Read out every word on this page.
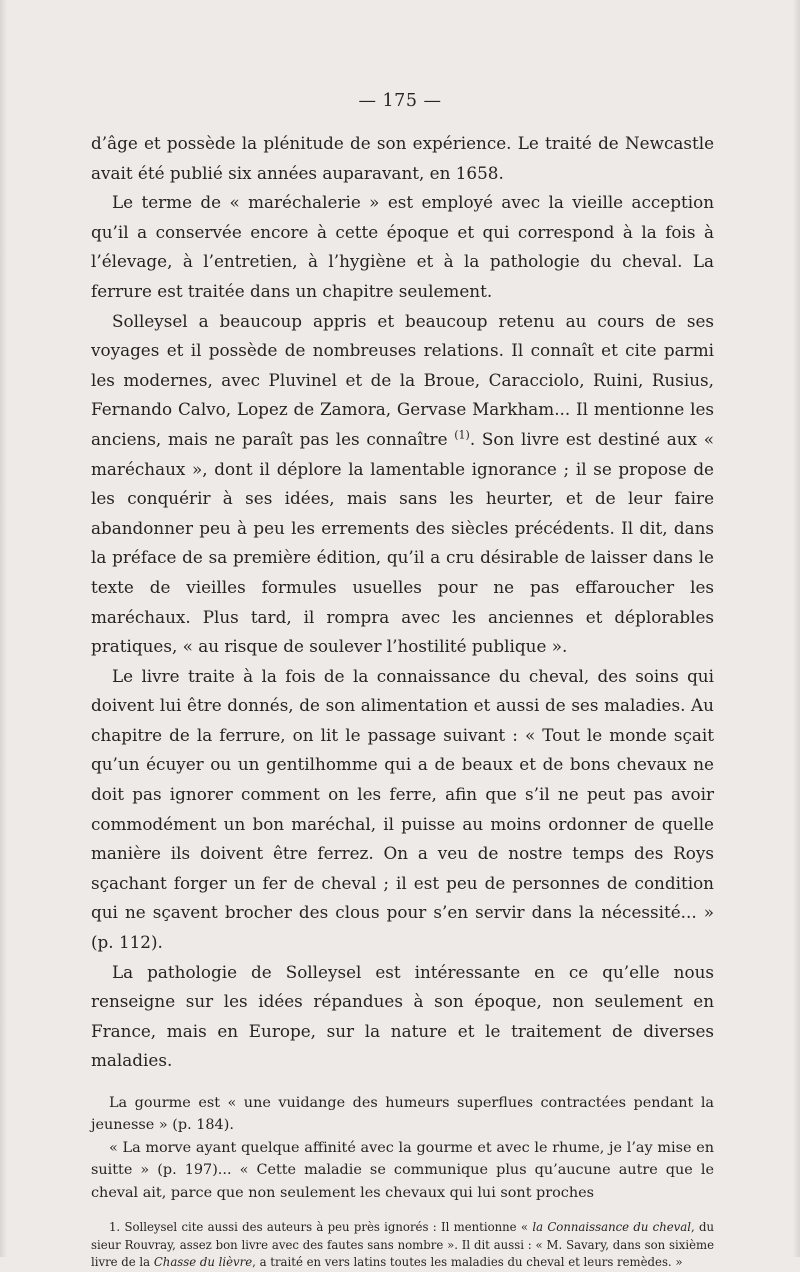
— 175 —

d’âge et possède la plénitude de son expérience. Le traité de Newcastle avait été publié six années auparavant, en 1658.

Le terme de « maréchalerie » est employé avec la vieille acception qu’il a conservée encore à cette époque et qui correspond à la fois à l’élevage, à l’entretien, à l’hygiène et à la pathologie du cheval. La ferrure est traitée dans un chapitre seulement.

Solleysel a beaucoup appris et beaucoup retenu au cours de ses voyages et il possède de nombreuses relations. Il connaît et cite parmi les modernes, avec Pluvinel et de la Broue, Caracciolo, Ruini, Rusius, Fernando Calvo, Lopez de Zamora, Gervase Markham... Il mentionne les anciens, mais ne paraît pas les connaître $^{(1)}$. Son livre est destiné aux « maréchaux », dont il déplore la lamentable ignorance ; il se propose de les conquérir à ses idées, mais sans les heurter, et de leur faire abandonner peu à peu les errements des siècles précédents. Il dit, dans la préface de sa première édition, qu’il a cru désirable de laisser dans le texte de vieilles formules usuelles pour ne pas effaroucher les maréchaux. Plus tard, il rompra avec les anciennes et déplorables pratiques, « au risque de soulever l’hostilité publique ».

Le livre traite à la fois de la connaissance du cheval, des soins qui doivent lui être donnés, de son alimentation et aussi de ses maladies. Au chapitre de la ferrure, on lit le passage suivant : « Tout le monde sçait qu’un écuyer ou un gentilhomme qui a de beaux et de bons chevaux ne doit pas ignorer comment on les ferre, afin que s’il ne peut pas avoir commodément un bon maréchal, il puisse au moins ordonner de quelle manière ils doivent être ferrez. On a veu de nostre temps des Roys sçachant forger un fer de cheval ; il est peu de personnes de condition qui ne sçavent brocher des clous pour s’en servir dans la nécessité... » (p. 112).

La pathologie de Solleysel est intéressante en ce qu’elle nous renseigne sur les idées répandues à son époque, non seulement en France, mais en Europe, sur la nature et le traitement de diverses maladies.

La gourme est « une vuidange des humeurs superflues contractées pendant la jeunesse » (p. 184).

« La morve ayant quelque affinité avec la gourme et avec le rhume, je l’ay mise en suitte » (p. 197)... « Cette maladie se communique plus qu’aucune autre que le cheval ait, parce que non seulement les chevaux qui lui sont proches

1. Solleysel cite aussi des auteurs à peu près ignorés : Il mentionne « la Connaissance du cheval, du sieur Rouvray, assez bon livre avec des fautes sans nombre ». Il dit aussi : « M. Savary, dans son sixième livre de la Chasse du lièvre, a traité en vers latins toutes les maladies du cheval et leurs remèdes. »
